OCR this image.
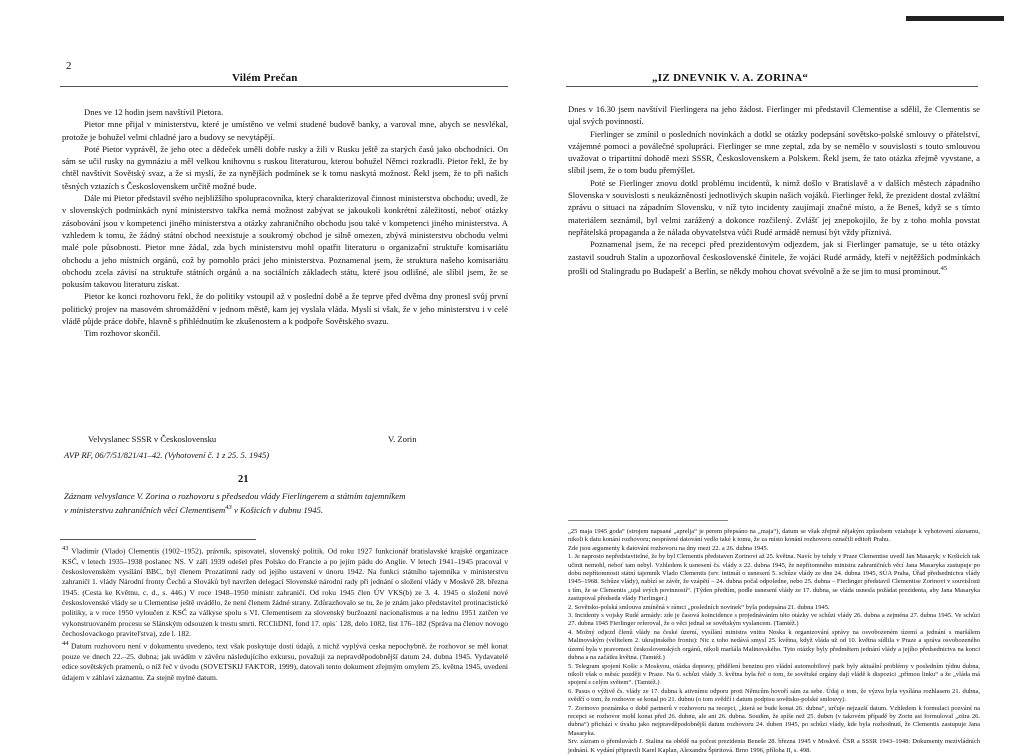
2
Vilém Prečan	„IZ DNEVNIK V. A. ZORINA“

Dnes ve 12 hodin jsem navštívil Pietora.

Pietor mne přijal v ministerstvu, které je umístěno ve velmi studené budově banky, a varoval mne, abych se nesvlékal, protože je bohužel velmi chladné jaro a budovy se nevytápějí.

Poté Pietor vyprávěl, že jeho otec a dědeček uměli dobře rusky a žili v Rusku ještě za starých časů jako obchodníci. On sám se učil rusky na gymnáziu a měl velkou knihovnu s ruskou literaturou, kterou bohužel Němci rozkradli. Pietor řekl, že by chtěl navštívit Sovětský svaz, a že si myslí, že za nynějších podmínek se k tomu naskytá možnost. Řekl jsem, že to při našich těsných vztazích s Československem určitě možné bude.

Dále mi Pietor představil svého nejbližšího spolupracovníka, který charakterizoval činnost ministerstva obchodu; uvedl, že v slovenských podmínkách nyní ministerstvo takřka nemá možnost zabývat se jakoukoli konkrétní záležitostí, neboť otázky zásobování jsou v kompetenci jiného ministerstva a otázky zahraničního obchodu jsou také v kompetenci jiného ministerstva. A vzhledem k tomu, že žádný státní obchod neexistuje a soukromý obchod je silně omezen, zbývá ministerstvu obchodu velmi malé pole působnosti. Pietor mne žádal, zda bych ministerstvu mohl opatřit literaturu o organizační struktuře komisariátu obchodu a jeho místních orgánů, což by pomohlo práci jeho ministerstva. Poznamenal jsem, že struktura našeho komisariátu obchodu zcela závisí na struktuře státních orgánů a na sociálních základech státu, které jsou odlišné, ale slíbil jsem, že se pokusím takovou literaturu získat.

Pietor ke konci rozhovoru řekl, že do politiky vstoupil až v poslední době a že teprve před dvěma dny pronesl svůj první politický projev na masovém shromáždění v jednom městě, kam jej vyslala vláda. Myslí si však, že v jeho ministerstvu i v celé vládě půjde práce dobře, hlavně s přihlédnutím ke zkušenostem a k podpoře Sovětského svazu.

Tim rozhovor skončil.

Velvyslanec SSSR v Československu	V. Zorin
AVP RF, 06/7/51/821/41–42. (Vyhotovení č. 1 z 25. 5. 1945)
21
Záznam velvyslance V. Zorina o rozhovoru s předsedou vlády Fierlingerem a státním tajemníkem
v ministerstvu zahraničních věcí Clementisem$^{43}$ v Košicích v dubnu 1945.

43 Vladimír (Vlado) Clementis (1902–1952), právník, spisovatel, slovenský politik. Od roku 1927 funkcionář bratislavské krajské organizace KSČ, v letech 1935–1938 poslanec NS. V září 1939 odešel přes Polsko do Francie a po jejím pádu do Anglie. V letech 1941–1945 pracoval v československém vysílání BBC, byl členem Prozatímní rady od jejího ustavení v únoru 1942. Na funkci státního tajemníka v ministerstvu zahraničí 1. vlády Národní fronty Čechů a Slováků byl navržen delegací Slovenské národní rady při jednání o složení vlády v Moskvě 28. března 1945. (Cesta ke Květnu, c. d., s. 446.) V roce 1948–1950 ministr zahraničí. Od roku 1945 člen ÚV VKS(b) ze 3. 4. 1945 o složení nové československé vlády se u Clementise ještě uvádělo, že není členem žádné strany. Zdůrazňovalo se tu, že je znám jako představitel protinacistické politiky, a v roce 1950 vyloučen z KSČ za válkyse spolu s VI. Clementisem za slovenský buržoazní nacionalismus a na lednu 1951 zatčen ve vykonstruovaném procesu se Slánským odsouzen k trestu smrti. RCCliDNI, fond 17. opis´ 128, delo 1082, list 176–182 (Správa na členov novogo čechoslovackogo pravitel'stva), zde l. 182.

44 Datum rozhovoru není v dokumentu uvedeno, text však poskytuje dosti údajů, z nichž vyplývá ceska nepochybně, že rozhovor se měl konat pouze ve dnech 22.–25. dubna; jak uvádím v závěru následujícího exkursu, považuji za nepravděpodobnější datum 24. dubna 1945. Vydavatelé edice sovětských pramenů, o níž řeč v úvodu (SOVETSKIJ FAKTOR, 1999), datovali tento dokument zřejmým omylem 25. května 1945, uvedeni údajem v záhlaví záznamu. Za stejně mylné datum.

Dnes v 16.30 jsem navštívil Fierlingera na jeho žádost. Fierlinger mi představil Clementise a sdělil, že Clementis se ujal svých povinností.

Fierlinger se zmínil o posledních novinkách a dotkl se otázky podepsání sovětsko-polské smlouvy o přátelství, vzájemné pomoci a poválečné spolupráci. Fierlinger se mne zeptal, zda by se nemělo v souvislosti s touto smlouvou uvažovat o tripartitní dohodě mezi SSSR, Československem a Polskem. Řekl jsem, že tato otázka zřejmě vyvstane, a slíbil jsem, že o tom budu přemýšlet.

Poté se Fierlinger znovu dotkl problému incidentů, k nimž došlo v Bratislavě a v dalších městech západního Slovenska v souvislosti s neukázněností jednotlivých skupin našich vojáků. Fierlinger řekl, že prezident dostal zvláštní zprávu o situaci na západním Slovensku, v níž tyto incidenty zaujímají značné místo, a že Beneš, když se s tímto materiálem seznámil, byl velmi zarážený a dokonce rozčilený. Zvlášť jej znepokojilo, že by z toho mohla povstat nepřátelská propaganda a že nálada obyvatelstva vůči Rudé armádě nemusí být vždy příznivá.

Poznamenal jsem, že na recepci před prezidentovým odjezdem, jak si Fierlinger pamatuje, se u této otázky zastavil soudruh Stalin a upozorňoval československé činitele, že vojáci Rudé armády, kteří v nejtěžších podmínkách prošli od Stalingradu po Budapešť a Berlín, se někdy mohou chovat svévolně a že se jim to musí prominout.$^{45}$

„25 maja 1945 goda“ (strojem napsané „aprelja“ je perem přepsáno na „maja“), datum se však zřejmě nějakým způsobem vztahuje k vyhotovení záznamu, nikoli k datu konání rozhovoru; nesprávné datování vedlo také k tomu, že za místo konání rozhovoru označili editoři Prahu.

Zde jsou argumenty k datování rozhovoru na dny mezi 22. a 26. dubna 1945.

1. Je naprosto nepředstavitelné, že by byl Clementis představen Zorinovi až 25. května. Navíc by tehdy v Praze Clementise uvedl Jan Masaryk; v Košicích tak učinit nemohl, neboť tam nebyl. Vzhledem k usnesení čs. vlády z 22. dubna 1945, že nepřítomného ministra zahraničních věcí Jana Masaryka zastupuje po dobu nepřítomnosti státní tajemník Vlado Clementis (srv. intimát o usnesení 5. schůze vlády ze dne 24. dubna 1945, SÚA Praha, Úřad předsednictva vlády 1945–1968. Schůze vlády), nabízí se závěr, že vzápětí – 24. dubna počal odpoledne, nebo 25. dubna – Fierlinger představil Clementise Zorinovi v souvislosti s tím, že se Clementis „ujal svých povinností“. (Týden předtím, podle usnesení vlády ze 17. dubna, se vláda usnesla požádat prezidenta, aby Jana Masaryka zastupoval předseda vlády Fierlinger.)

2. Sovětsko-polská smlouva zmíněná v rámci „posledních novinek“ byla podepsána 21. dubna 1945.

3. Incidenty s vojsky Rudé armády: zde je časová koincidence s projednáváním této otázky ve schůzi vlády 26. dubna a zejména 27. dubna 1945. Ve schůzi 27. dubna 1945 Fierlinger referoval, že o věci jednal se sovětským vyslancem. (Tamtéž.)

4. Možný odjezd členů vlády na české území, vysílání ministra vnitra Noska k organizování správy na osvobozeném území a jednání s maršálem Malinovským (velitelem 2. ukrajinského frontu): Nic z toho nedává smysl 25. května, když vláda už od 10. května sídlila v Praze a správa osvobozeného území byla v pravomoci československých orgánů, nikoli maršála Malinovského. Tyto otázky byly předmětem jednání vlády a jejího předsednictva na konci dubna a na začátku května. (Tamtéž.)

5. Telegram spojení Košic s Moskvou, otázka dopravy, přidělení benzinu pro vládní automobilový park byly aktuální problémy v posledním týdnu dubna, nikoli však o měsíc později v Praze. Na 6. schůzi vlády 3. května byla řeč o tom, že sovětské orgány dají vládě k dispozici „přímou linku“ a že „vláda má spojení s celým světem“. (Tamtéž.)

6. Pasus o výživě čs. vlády ze 17. dubna k ativnímu odporu proti Němcům hovoří sám za sebe. Údaj o tom, že výzva byla vysílána rozhlasem 21. dubna, svědčí o tom, že rozhovor se konal po 21. dubnu (o tom svědčí i datum podpisu sovětsko-polské smlouvy).

7. Zorinovo poznámka o době partnerů v rozhovoru na recepci, „která se bude konat 26. dubna“, určuje nejzazší datum. Vzhledem k formulaci pozvání na recepci se rozhovor mohl konat před 26. dubnu, ale ani 26. dubna. Soudím, že spíše než 25. duben (v takovém případě by Zorin asi formuloval „zítra 26. dubna“) přichází v úvahu jako nejpravděpodobnější datum rozhovoru 24. duben 1945, po schůzi vlády, kde byla rozhodnutí, že Clementis zastupuje Jana Masaryka.

Srv. zázram o přemluvách J. Stalina na obědě na počest prezidenta Beneše 28. března 1945 v Moskvě. ČSR a SSSR 1943–1948: Dokumenty mezivládních jednání. K vydání připravili Karel Kaplan, Alexandra Špiritová. Brno 1996, příloha II, s. 498.
